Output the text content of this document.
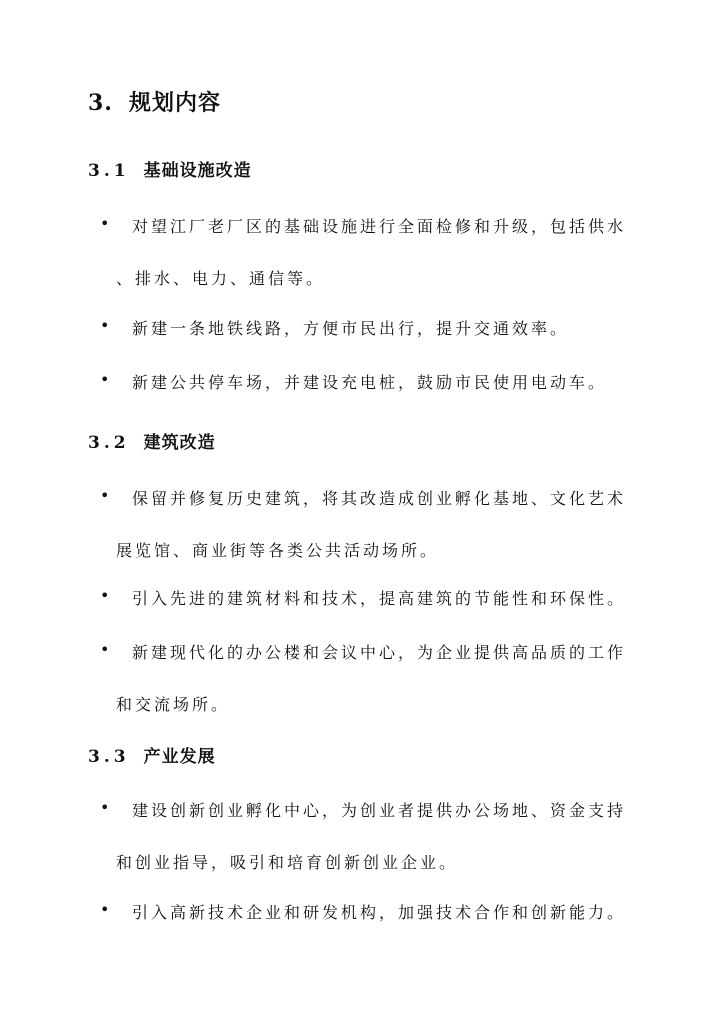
3. 规划内容
3.1 基础设施改造
•	对望江厂老厂区的基础设施进行全面检修和升级，包括供水
、排水、电力、通信等。
•	新建一条地铁线路，方便市民出行，提升交通效率。
•	新建公共停车场，并建设充电桩，鼓励市民使用电动车。
3.2 建筑改造
•	保留并修复历史建筑，将其改造成创业孵化基地、文化艺术
展览馆、商业街等各类公共活动场所。
•	引入先进的建筑材料和技术，提高建筑的节能性和环保性。
•	新建现代化的办公楼和会议中心，为企业提供高品质的工作
和交流场所。
3.3 产业发展
•	建设创新创业孵化中心，为创业者提供办公场地、资金支持
和创业指导，吸引和培育创新创业企业。
•	引入高新技术企业和研发机构，加强技术合作和创新能力。
